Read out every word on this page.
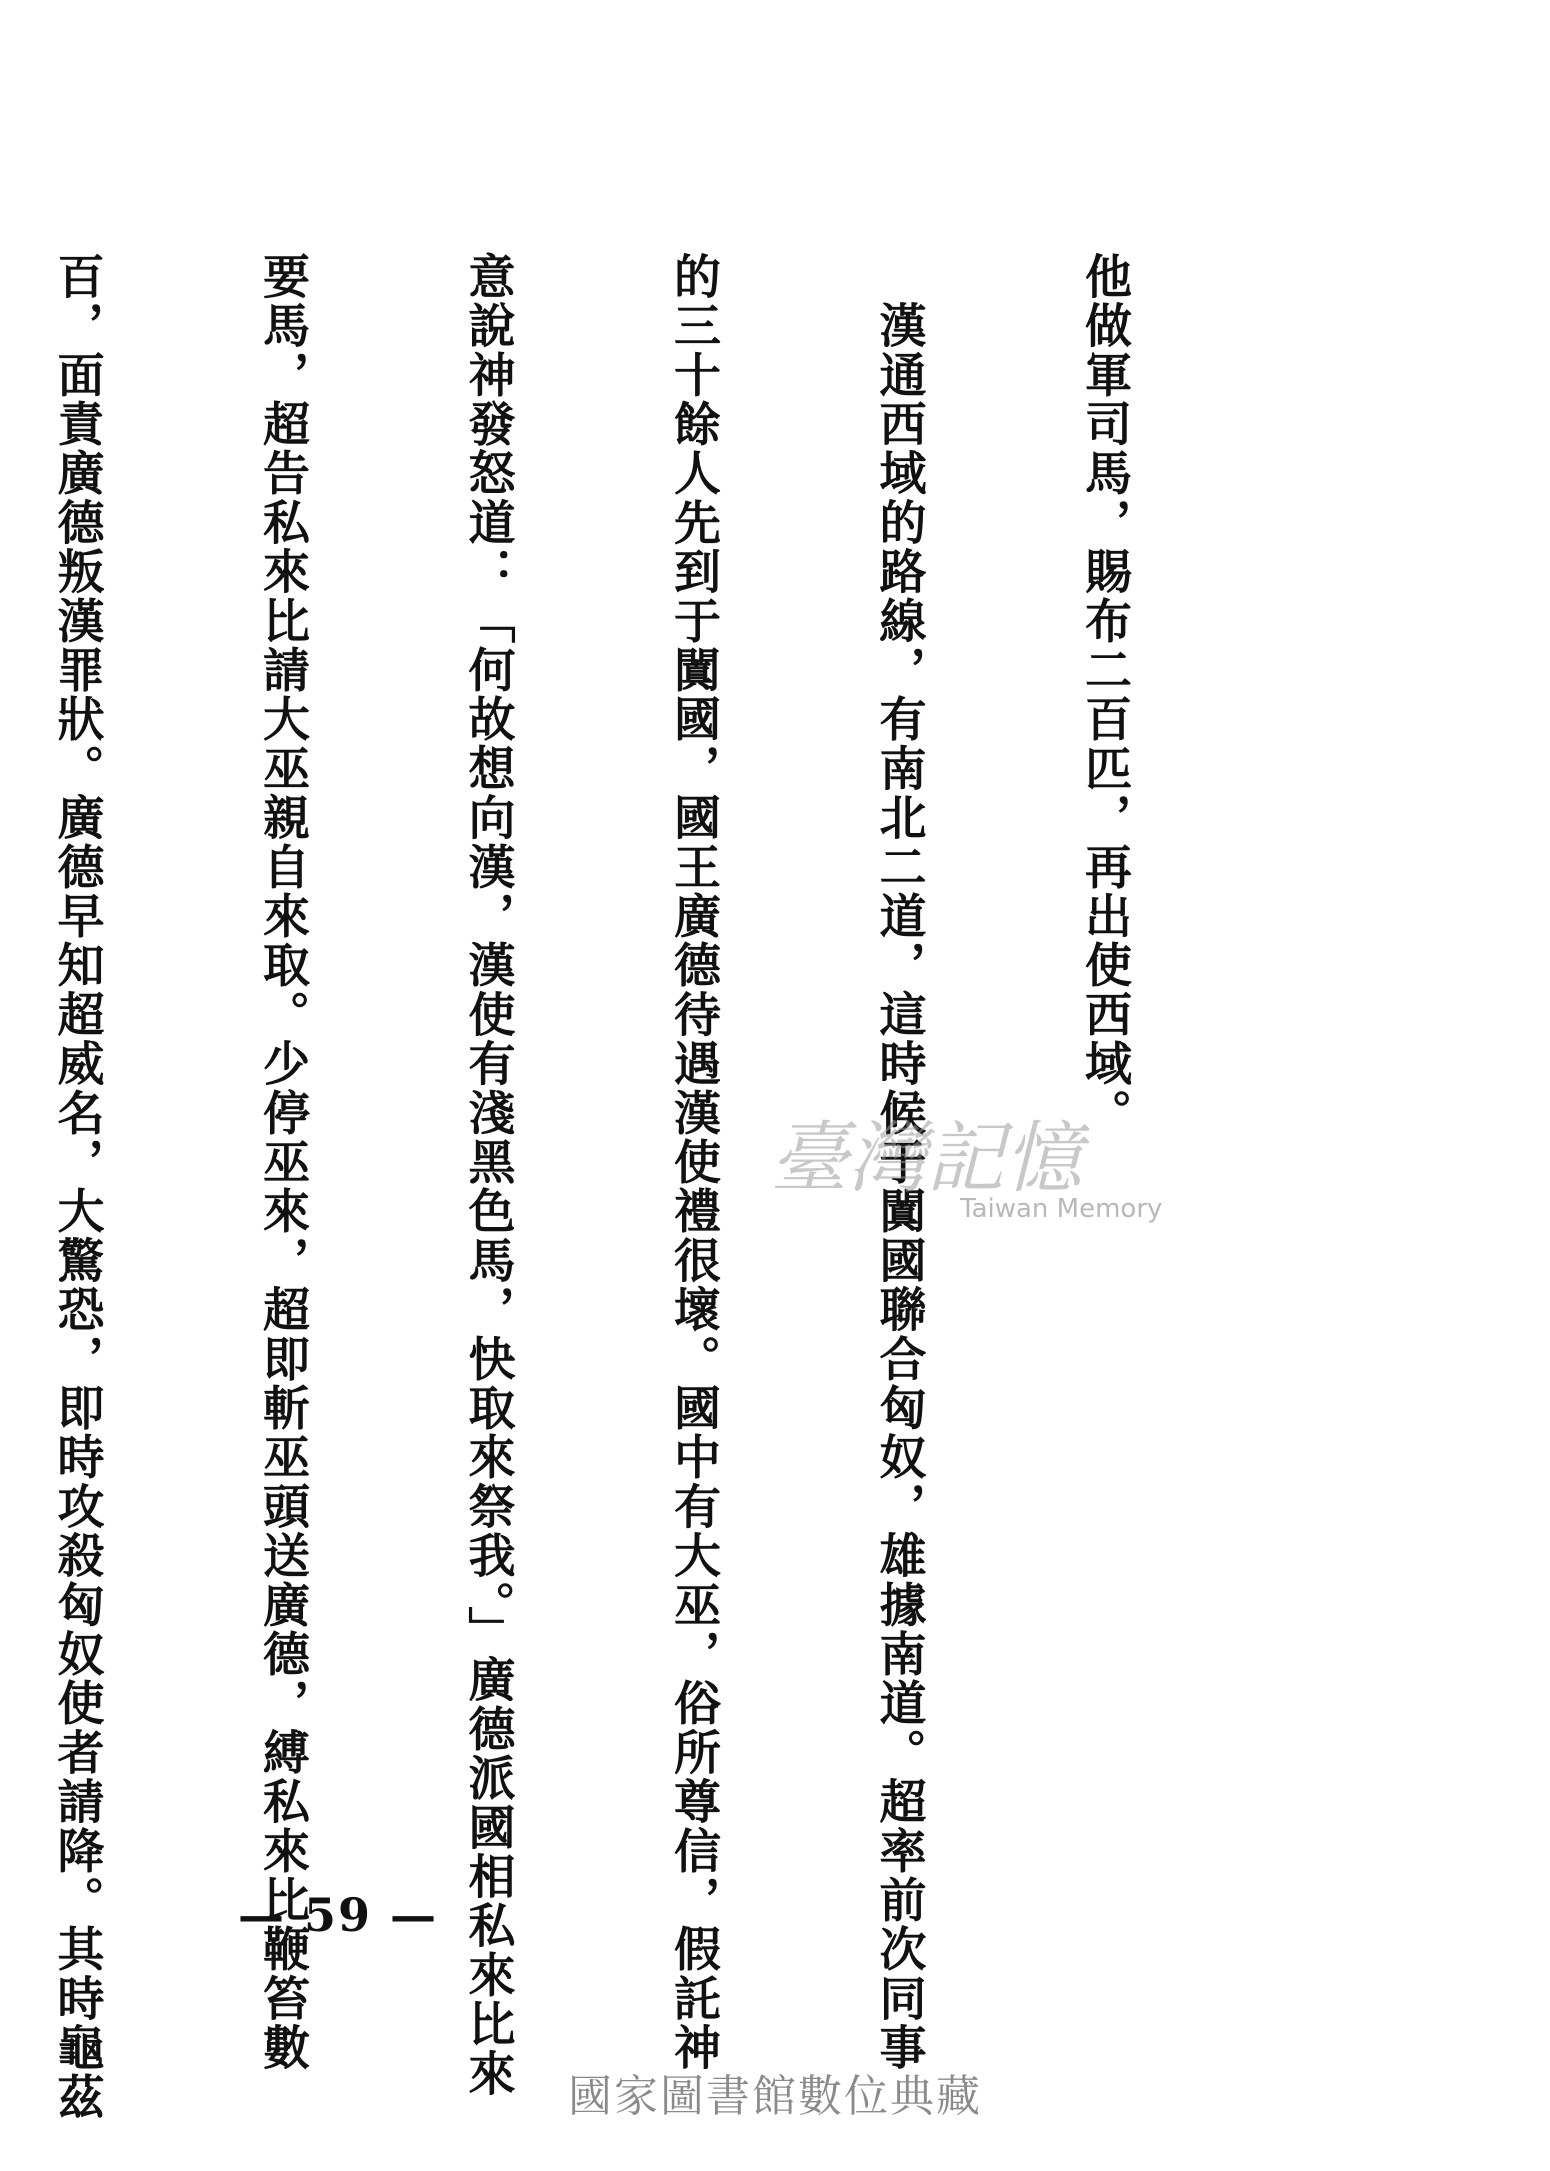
他做軍司馬，賜布二百匹，再出使西域。

　漢通西域的路線，有南北二道，這時候于闐國聯合匈奴，雄據南道。超率前次同事

的三十餘人先到于闐國，國王廣德待遇漢使禮很壞。國中有大巫，俗所尊信，假託神

意說神發怒道：「何故想向漢，漢使有淺黑色馬，快取來祭我。」廣德派國相私來比來

要馬，超告私來比請大巫親自來取。少停巫來，超即斬巫頭送廣德，縛私來比鞭笞數

百，面責廣德叛漢罪狀。廣德早知超威名，大驚恐，即時攻殺匈奴使者請降。其時龜茲

	臺灣記憶
Taiwan Memory
— 59 —
國家圖書館數位典藏
